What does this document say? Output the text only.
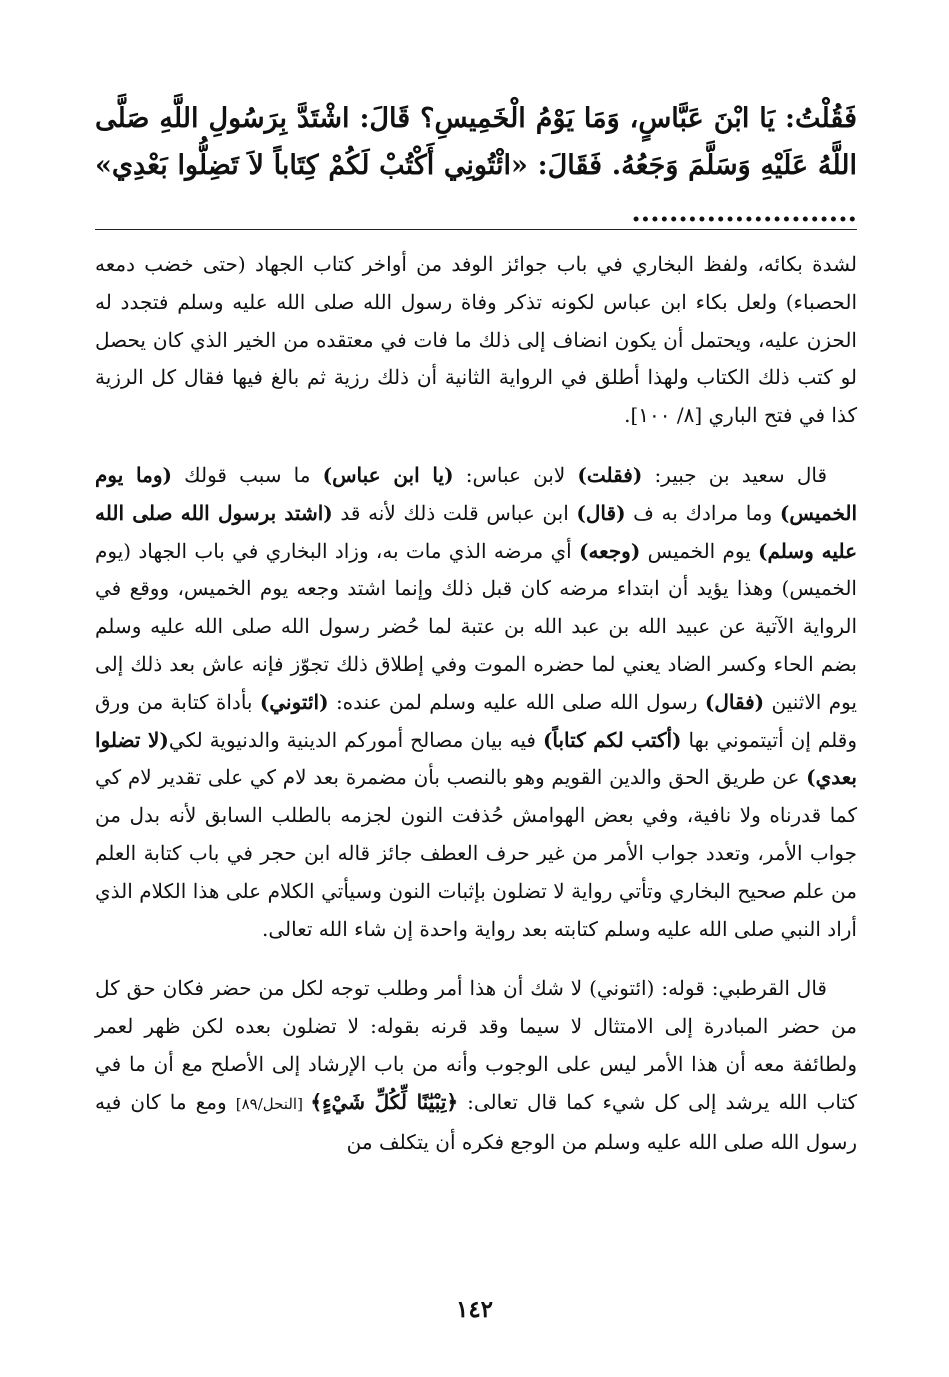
فَقُلْتُ: يَا ابْنَ عَبَّاسٍ، وَمَا يَوْمُ الْخَمِيسِ؟ قَالَ: اشْتَدَّ بِرَسُولِ اللَّهِ صَلَّى اللَّهُ عَلَيْهِ وَسَلَّمَ وَجَعُهُ. فَقَالَ: «ائْتُونِي أَكْتُبْ لَكُمْ كِتَاباً لاَ تَضِلُّوا بَعْدِي» ........................

لشدة بكائه، ولفظ البخاري في باب جوائز الوفد من أواخر كتاب الجهاد (حتى خضب دمعه الحصباء) ولعل بكاء ابن عباس لكونه تذكر وفاة رسول الله صلى الله عليه وسلم فتجدد له الحزن عليه، ويحتمل أن يكون انضاف إلى ذلك ما فات في معتقده من الخير الذي كان يحصل لو كتب ذلك الكتاب ولهذا أطلق في الرواية الثانية أن ذلك رزية ثم بالغ فيها فقال كل الرزية كذا في فتح الباري [٨/ ١٠٠].

قال سعيد بن جبير: (فقلت) لابن عباس: (يا ابن عباس) ما سبب قولك (وما يوم الخميس) وما مرادك به ف (قال) ابن عباس قلت ذلك لأنه قد (اشتد برسول الله صلى الله عليه وسلم) يوم الخميس (وجعه) أي مرضه الذي مات به، وزاد البخاري في باب الجهاد (يوم الخميس) وهذا يؤيد أن ابتداء مرضه كان قبل ذلك وإنما اشتد وجعه يوم الخميس، ووقع في الرواية الآتية عن عبيد الله بن عبد الله بن عتبة لما حُضر رسول الله صلى الله عليه وسلم بضم الحاء وكسر الضاد يعني لما حضره الموت وفي إطلاق ذلك تجوّز فإنه عاش بعد ذلك إلى يوم الاثنين (فقال) رسول الله صلى الله عليه وسلم لمن عنده: (ائتوني) بأداة كتابة من ورق وقلم إن أتيتموني بها (أكتب لكم كتاباً) فيه بيان مصالح أموركم الدينية والدنيوية لكي(لا تضلوا بعدي) عن طريق الحق والدين القويم وهو بالنصب بأن مضمرة بعد لام كي على تقدير لام كي كما قدرناه ولا نافية، وفي بعض الهوامش حُذفت النون لجزمه بالطلب السابق لأنه بدل من جواب الأمر، وتعدد جواب الأمر من غير حرف العطف جائز قاله ابن حجر في باب كتابة العلم من علم صحيح البخاري وتأتي رواية لا تضلون بإثبات النون وسيأتي الكلام على هذا الكلام الذي أراد النبي صلى الله عليه وسلم كتابته بعد رواية واحدة إن شاء الله تعالى.

قال القرطبي: قوله: (ائتوني) لا شك أن هذا أمر وطلب توجه لكل من حضر فكان حق كل من حضر المبادرة إلى الامتثال لا سيما وقد قرنه بقوله: لا تضلون بعده لكن ظهر لعمر ولطائفة معه أن هذا الأمر ليس على الوجوب وأنه من باب الإرشاد إلى الأصلح مع أن ما في كتاب الله يرشد إلى كل شيء كما قال تعالى: ﴿تِبْيَٰنًا لِّكُلِّ شَيْءٍ﴾ [النحل/٨٩] ومع ما كان فيه رسول الله صلى الله عليه وسلم من الوجع فكره أن يتكلف من

١٤٢
